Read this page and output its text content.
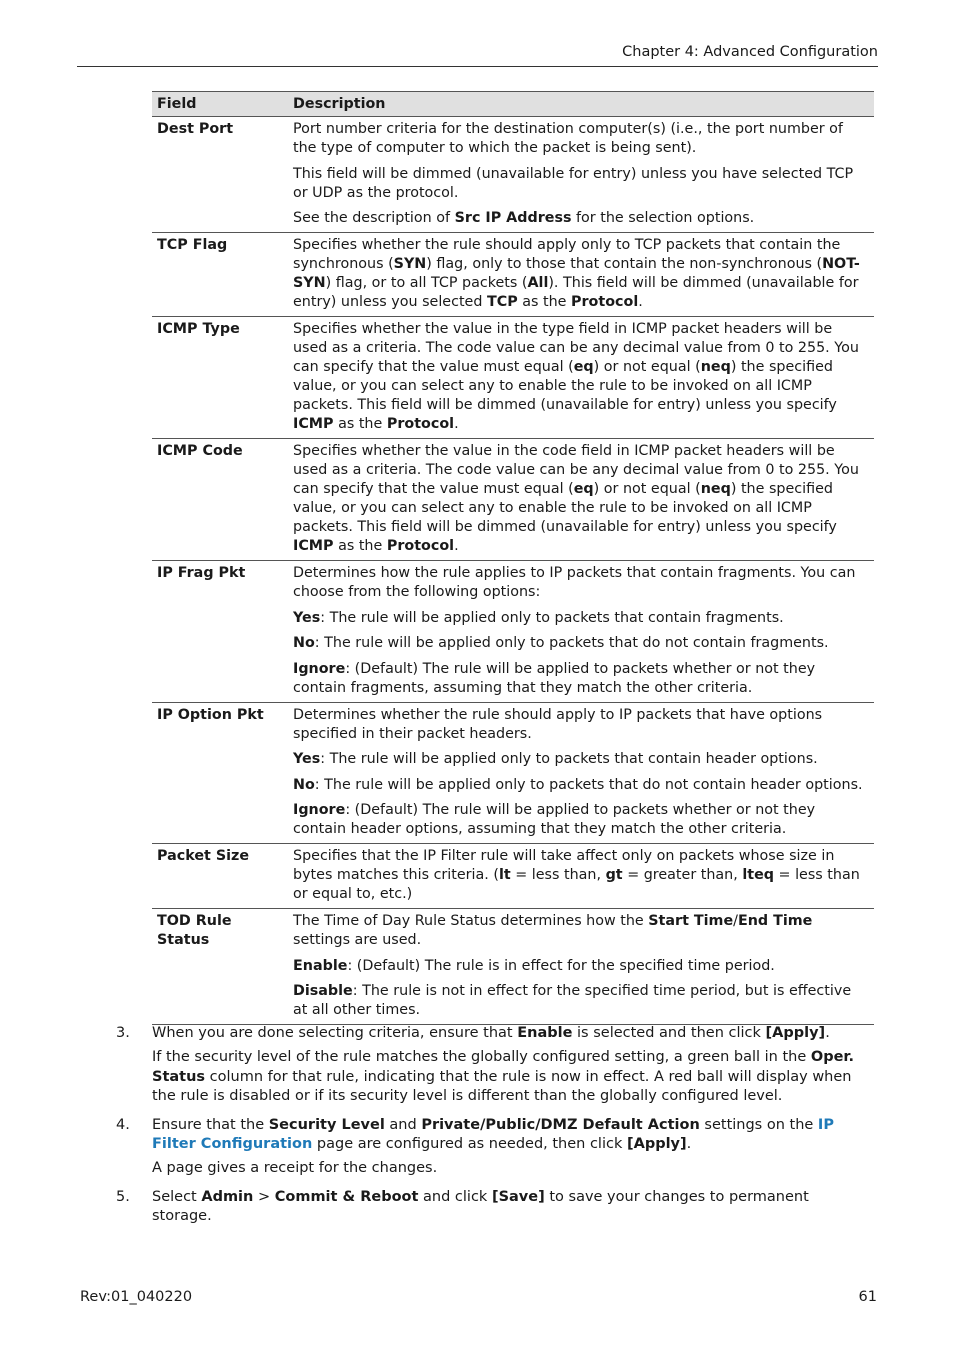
Chapter 4: Advanced Configuration
Field	Description
Dest Port	Port number criteria for the destination computer(s) (i.e., the port number of the type of computer to which the packet is being sent).

This field will be dimmed (unavailable for entry) unless you have selected TCP or UDP as the protocol.

See the description of Src IP Address for the selection options.

TCP Flag	Specifies whether the rule should apply only to TCP packets that contain the synchronous (SYN) flag, only to those that contain the non-synchronous (NOT-SYN) flag, or to all TCP packets (All). This field will be dimmed (unavailable for entry) unless you selected TCP as the Protocol.

ICMP Type	Specifies whether the value in the type field in ICMP packet headers will be used as a criteria. The code value can be any decimal value from 0 to 255. You can specify that the value must equal (eq) or not equal (neq) the specified value, or you can select any to enable the rule to be invoked on all ICMP packets. This field will be dimmed (unavailable for entry) unless you specify ICMP as the Protocol.

ICMP Code	Specifies whether the value in the code field in ICMP packet headers will be used as a criteria. The code value can be any decimal value from 0 to 255. You can specify that the value must equal (eq) or not equal (neq) the specified value, or you can select any to enable the rule to be invoked on all ICMP packets. This field will be dimmed (unavailable for entry) unless you specify ICMP as the Protocol.

IP Frag Pkt	Determines how the rule applies to IP packets that contain fragments. You can choose from the following options:

Yes: The rule will be applied only to packets that contain fragments.

No: The rule will be applied only to packets that do not contain fragments.

Ignore: (Default) The rule will be applied to packets whether or not they contain fragments, assuming that they match the other criteria.

IP Option Pkt	Determines whether the rule should apply to IP packets that have options specified in their packet headers.

Yes: The rule will be applied only to packets that contain header options.

No: The rule will be applied only to packets that do not contain header options.

Ignore: (Default) The rule will be applied to packets whether or not they contain header options, assuming that they match the other criteria.

Packet Size	Specifies that the IP Filter rule will take affect only on packets whose size in bytes matches this criteria. (lt = less than, gt = greater than, lteq = less than or equal to, etc.)

TOD Rule Status	The Time of Day Rule Status determines how the Start Time/End Time settings are used.

Enable: (Default) The rule is in effect for the specified time period.

Disable: The rule is not in effect for the specified time period, but is effective at all other times.

3. When you are done selecting criteria, ensure that Enable is selected and then click [Apply].

If the security level of the rule matches the globally configured setting, a green ball in the Oper. Status column for that rule, indicating that the rule is now in effect. A red ball will display when the rule is disabled or if its security level is different than the globally configured level.

4. Ensure that the Security Level and Private/Public/DMZ Default Action settings on the IP Filter Configuration page are configured as needed, then click [Apply].

A page gives a receipt for the changes.

5. Select Admin > Commit & Reboot and click [Save] to save your changes to permanent storage.

Rev:01_040220	61
